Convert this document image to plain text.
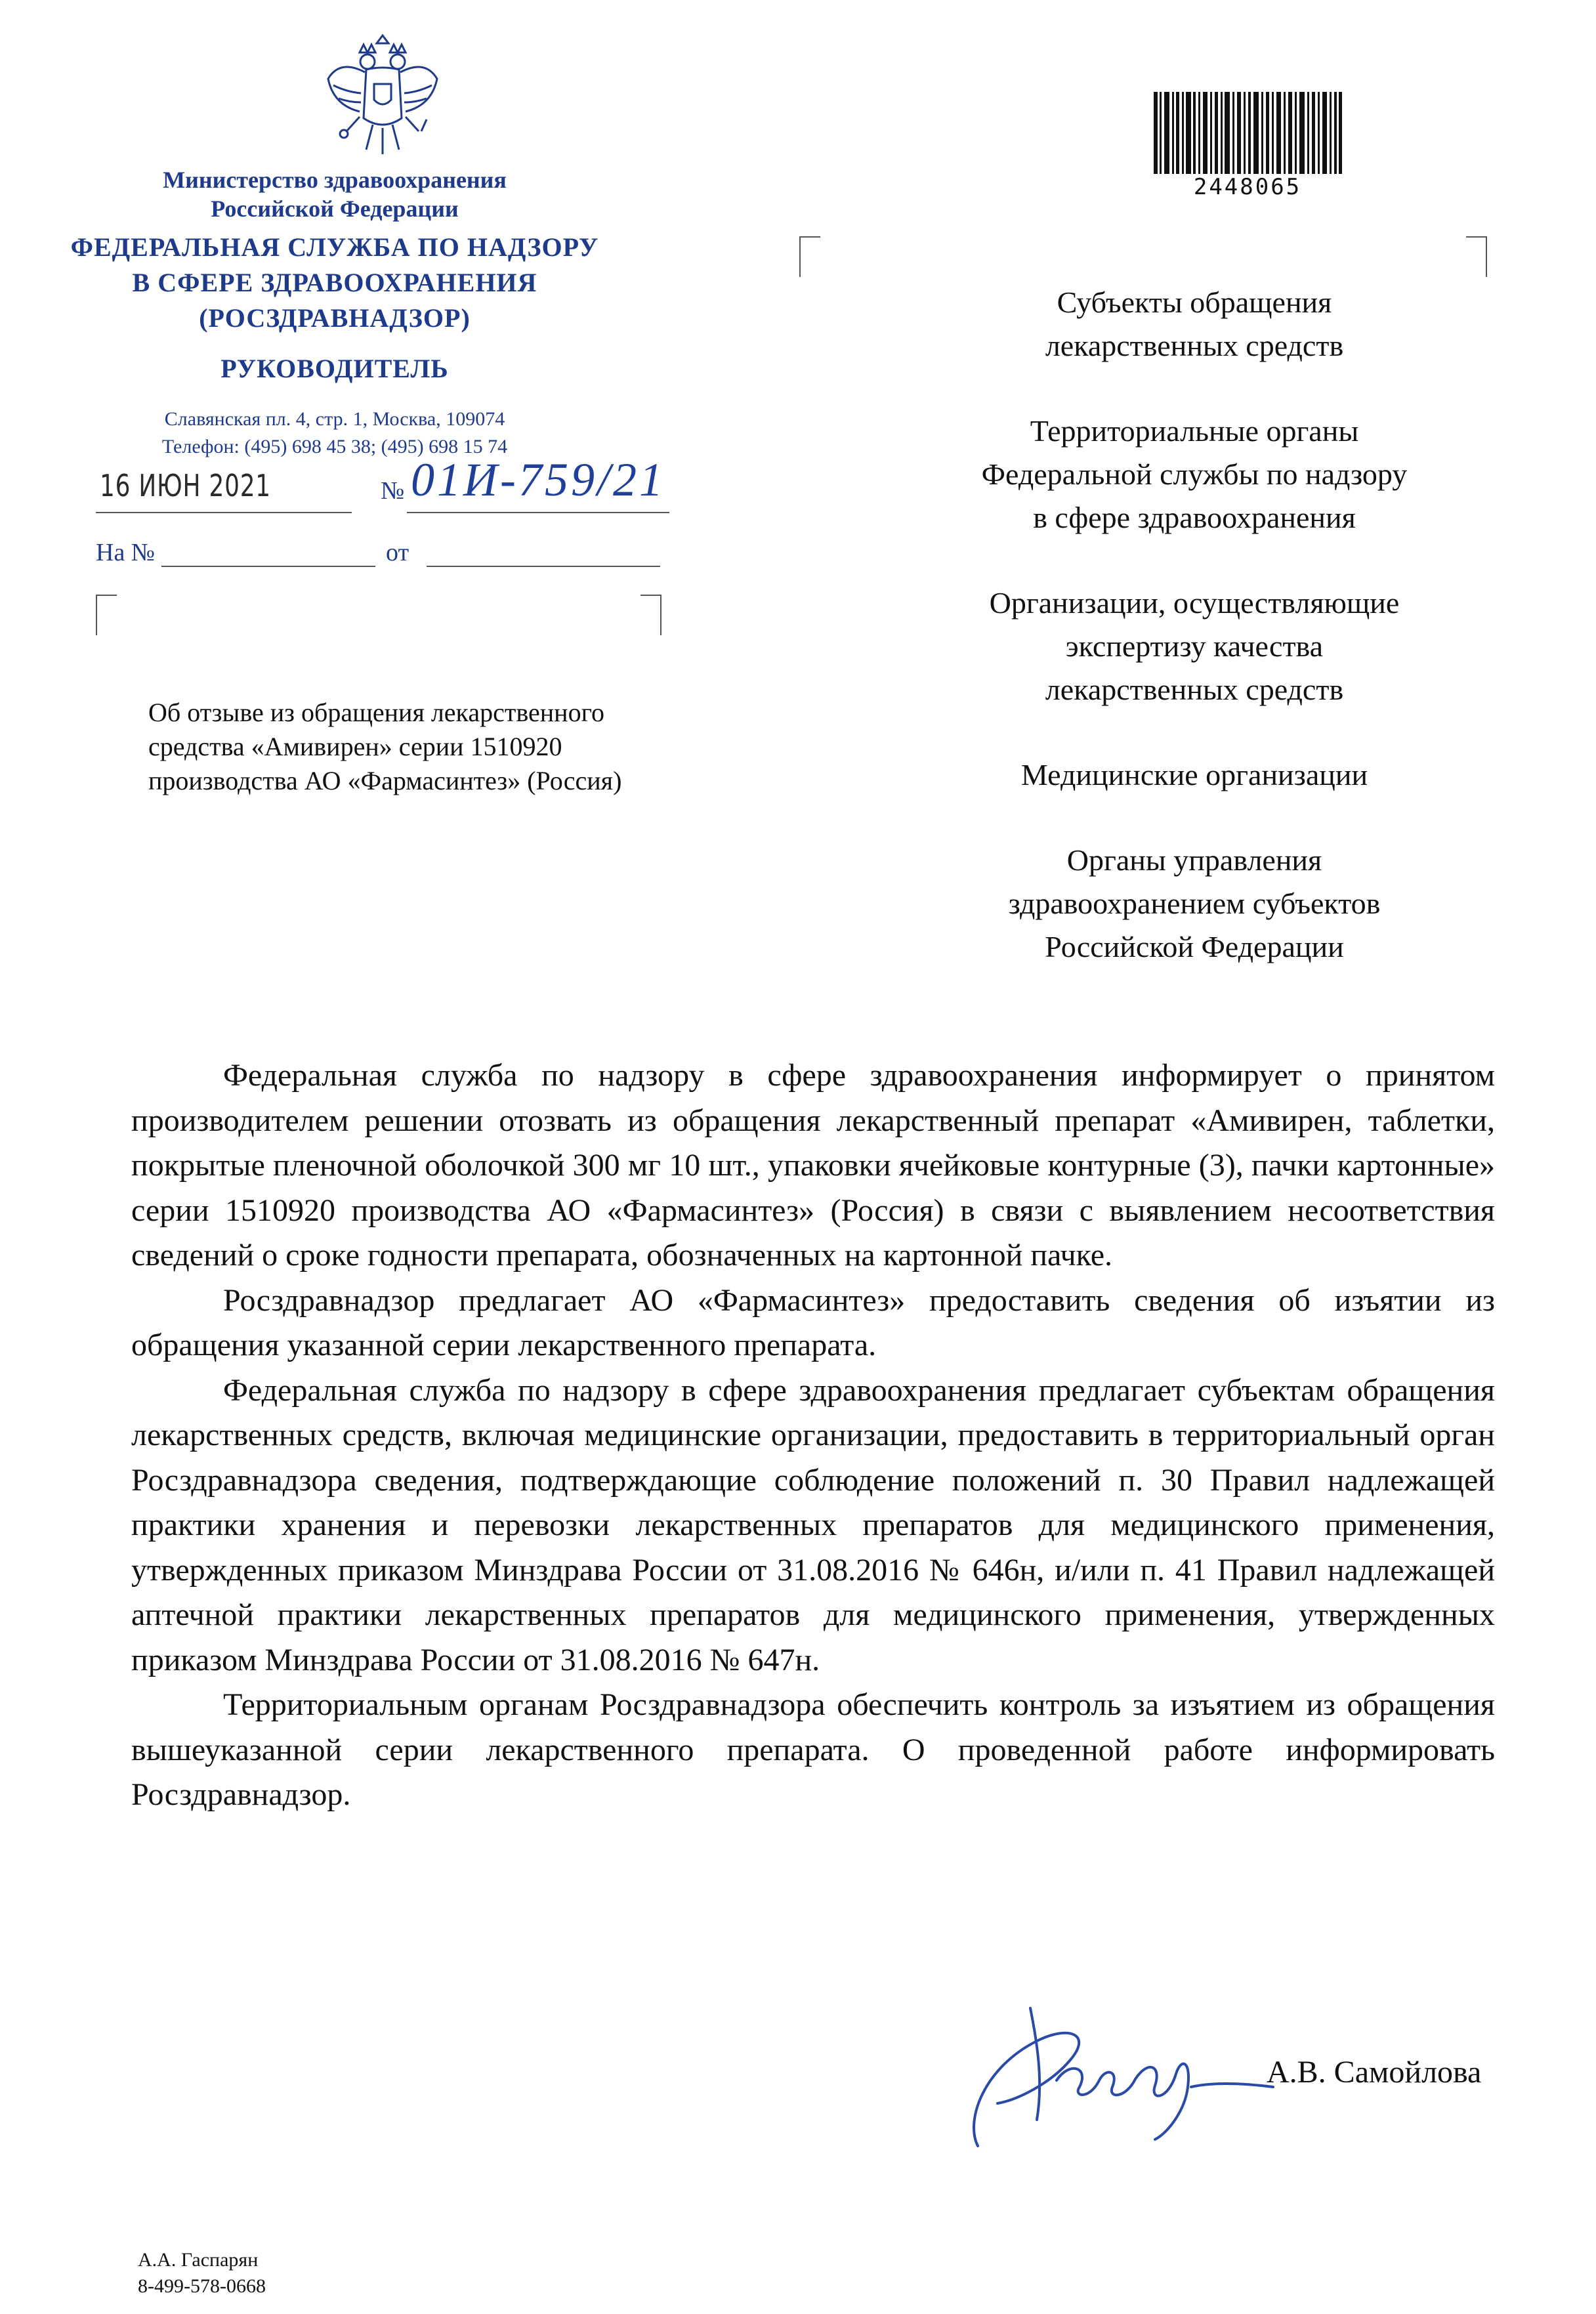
Министерство здравоохранения
Российской Федерации
ФЕДЕРАЛЬНАЯ СЛУЖБА ПО НАДЗОРУ
В СФЕРЕ ЗДРАВООХРАНЕНИЯ
(РОСЗДРАВНАДЗОР)
РУКОВОДИТЕЛЬ
Славянская пл. 4, стр. 1, Москва, 109074
Телефон: (495) 698 45 38; (495) 698 15 74
16 ИЮН 2021	№ 01И-759/21
На №	от
Об отзыве из обращения лекарственного
средства «Амивирен» серии 1510920
производства АО «Фармасинтез» (Россия)
2448065
Субъекты обращения
лекарственных средств
Территориальные органы
Федеральной службы по надзору
в сфере здравоохранения
Организации, осуществляющие
экспертизу качества
лекарственных средств
Медицинские организации
Органы управления
здравоохранением субъектов
Российской Федерации

Федеральная служба по надзору в сфере здравоохранения информирует о принятом производителем решении отозвать из обращения лекарственный препарат «Амивирен, таблетки, покрытые пленочной оболочкой 300 мг 10 шт., упаковки ячейковые контурные (3), пачки картонные» серии 1510920 производства АО «Фармасинтез» (Россия) в связи с выявлением несоответствия сведений о сроке годности препарата, обозначенных на картонной пачке.

Росздравнадзор предлагает АО «Фармасинтез» предоставить сведения об изъятии из обращения указанной серии лекарственного препарата.

Федеральная служба по надзору в сфере здравоохранения предлагает субъектам обращения лекарственных средств, включая медицинские организации, предоставить в территориальный орган Росздравнадзора сведения, подтверждающие соблюдение положений п. 30 Правил надлежащей практики хранения и перевозки лекарственных препаратов для медицинского применения, утвержденных приказом Минздрава России от 31.08.2016 № 646н, и/или п. 41 Правил надлежащей аптечной практики лекарственных препаратов для медицинского применения, утвержденных приказом Минздрава России от 31.08.2016 № 647н.

Территориальным органам Росздравнадзора обеспечить контроль за изъятием из обращения вышеуказанной серии лекарственного препарата. О проведенной работе информировать Росздравнадзор.

А.В. Самойлова
А.А. Гаспарян
8-499-578-0668
